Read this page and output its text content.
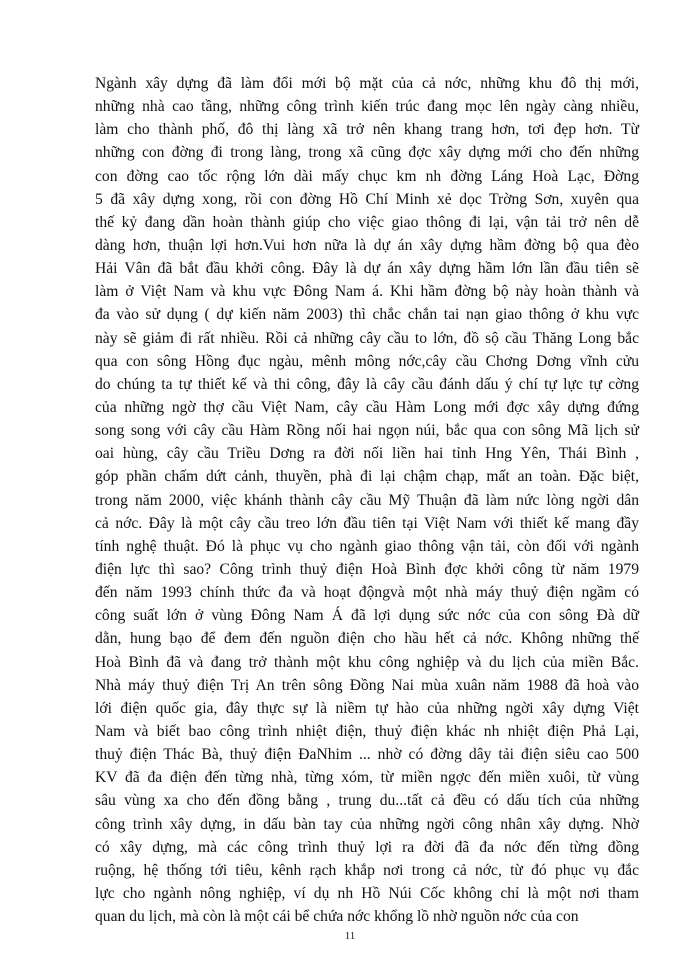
Ngành xây dựng đã làm đổi mới bộ mặt của cả nớc, những khu đô thị mới,
những nhà cao tầng, những công trình kiến trúc đang mọc lên ngày càng nhiều,
làm cho thành phố, đô thị làng xã trở nên khang trang hơn, tơi đẹp hơn. Từ
những con đờng đi trong làng, trong xã cũng đợc xây dựng mới cho đến những
con đờng cao tốc rộng lớn dài mấy chục km nh đờng Láng Hoà Lạc, Đờng
5 đã xây dựng xong, rồi con đờng Hồ Chí Minh xẻ dọc Trờng Sơn, xuyên qua
thế kỷ đang dần hoàn thành giúp cho việc giao thông đi lại, vận tải trở nên dễ
dàng hơn, thuận lợi hơn.Vui hơn nữa là dự án xây dựng hầm đờng bộ qua đèo
Hải Vân đã bắt đầu khởi công. Đây là dự án xây dựng hầm lớn lần đầu tiên sẽ
làm ở Việt Nam và khu vực Đông Nam á. Khi hầm đờng bộ này hoàn thành và
đa vào sử dụng ( dự kiến năm 2003) thì chắc chắn tai nạn giao thông ở khu vực
này sẽ giảm đi rất nhiều. Rồi cả những cây cầu to lớn, đồ sộ cầu Thăng Long bắc
qua con sông Hồng đục ngàu, mênh mông nớc,cây cầu Chơng Dơng vĩnh cửu
do chúng ta tự thiết kế và thi công, đây là cây cầu đánh dấu ý chí tự lực tự cờng
của những ngờ thợ cầu Việt Nam, cây cầu Hàm Long mới đợc xây dựng đứng
song song với cây cầu Hàm Rồng nối hai ngọn núi, bắc qua con sông Mã lịch sử
oai hùng, cây cầu Triều Dơng ra đời nối liền hai tỉnh Hng Yên, Thái Bình ,
góp phần chấm dứt cảnh, thuyền, phà đi lại chậm chạp, mất an toàn. Đặc biệt,
trong năm 2000, việc khánh thành cây cầu Mỹ Thuận đã làm nức lòng ngời dân
cả nớc. Đây là một cây cầu treo lớn đầu tiên tại Việt Nam với thiết kế mang đầy
tính nghệ thuật. Đó là phục vụ cho ngành giao thông vận tải, còn đối với ngành
điện lực thì sao? Công trình thuỷ điện Hoà Bình đợc khởi công từ năm 1979
đến năm 1993 chính thức đa và hoạt độngvà một nhà máy thuỷ điện ngầm có
công suất lớn ở vùng Đông Nam Á đã lợi dụng sức nớc của con sông Đà dữ
dằn, hung bạo để đem đến nguồn điện cho hầu hết cả nớc. Không những thế
Hoà Bình đã và đang trở thành một khu công nghiệp và du lịch của miền Bắc.
Nhà máy thuỷ điện Trị An trên sông Đồng Nai mùa xuân năm 1988 đã hoà vào
lới điện quốc gia, đây thực sự là niềm tự hào của những ngời xây dựng Việt
Nam và biết bao công trình nhiệt điện, thuỷ điện khác nh nhiệt điện Phả Lại,
thuỷ điện Thác Bà, thuỷ điện ĐaNhim ... nhờ có đờng dây tải điện siêu cao 500
KV đã đa điện đến từng nhà, từng xóm, từ miền ngợc đến miền xuôi, từ vùng
sâu vùng xa cho đến đồng bằng , trung du...tất cả đều có dấu tích của những
công trình xây dựng, in dấu bàn tay của những ngời công nhân xây dựng. Nhờ
có xây dựng, mà các công trình thuỷ lợi ra đời đã đa nớc đến từng đồng
ruộng, hệ thống tới tiêu, kênh rạch khắp nơi trong cả nớc, từ đó phục vụ đắc
lực cho ngành nông nghiệp, ví dụ nh Hồ Núi Cốc không chỉ là một nơi tham
quan du lịch, mà còn là một cái bể chứa nớc khổng lồ nhờ nguồn nớc của con
11
